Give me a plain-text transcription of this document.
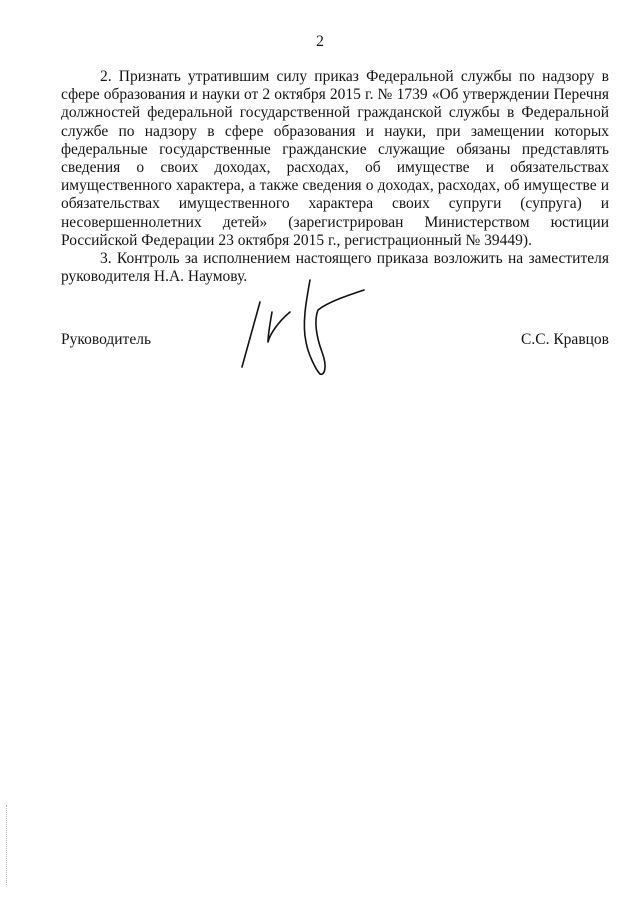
2

2. Признать утратившим силу приказ Федеральной службы по надзору в сфере образования и науки от 2 октября 2015 г. № 1739 «Об утверждении Перечня должностей федеральной государственной гражданской службы в Федеральной службе по надзору в сфере образования и науки, при замещении которых федеральные государственные гражданские служащие обязаны представлять сведения о своих доходах, расходах, об имуществе и обязательствах имущественного характера, а также сведения о доходах, расходах, об имуществе и обязательствах имущественного характера своих супруги (супруга) и несовершеннолетних детей» (зарегистрирован Министерством юстиции Российской Федерации 23 октября 2015 г., регистрационный № 39449).

3. Контроль за исполнением настоящего приказа возложить на заместителя руководителя Н.А. Наумову.

Руководитель	С.С. Кравцов
